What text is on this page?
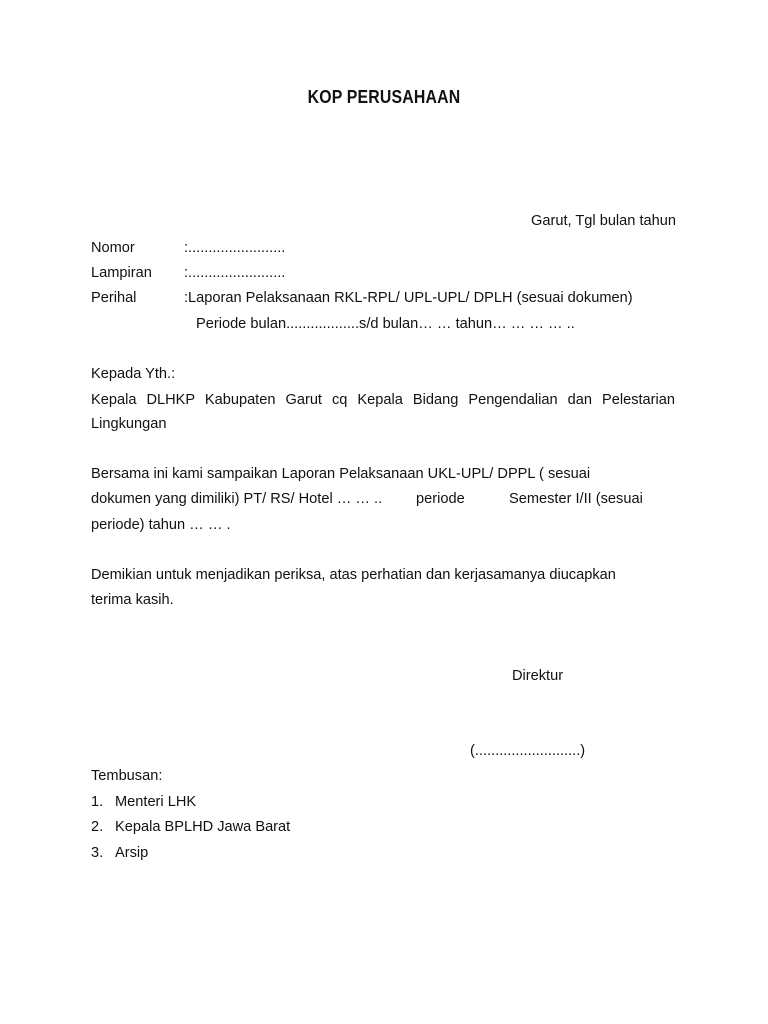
KOP PERUSAHAAN
Garut, Tgl bulan tahun
Nomor	:........................
Lampiran :........................
Perihal	:Laporan Pelaksanaan RKL-RPL/ UPL-UPL/ DPLH (sesuai dokumen)
Periode bulan..................s/d bulan… … tahun… … … … ..
Kepada Yth.:
Kepala DLHKP Kabupaten Garut cq Kepala Bidang Pengendalian dan Pelestarian
Lingkungan
Bersama ini kami sampaikan Laporan Pelaksanaan UKL-UPL/ DPPL ( sesuai
dokumen yang dimiliki) PT/ RS/ Hotel … … .. periode	Semester I/II (sesuai
periode) tahun … … .
Demikian untuk menjadikan periksa, atas perhatian dan kerjasamanya diucapkan
terima kasih.
Direktur
(..........................)
Tembusan:
1. Menteri LHK
2. Kepala BPLHD Jawa Barat
3. Arsip
